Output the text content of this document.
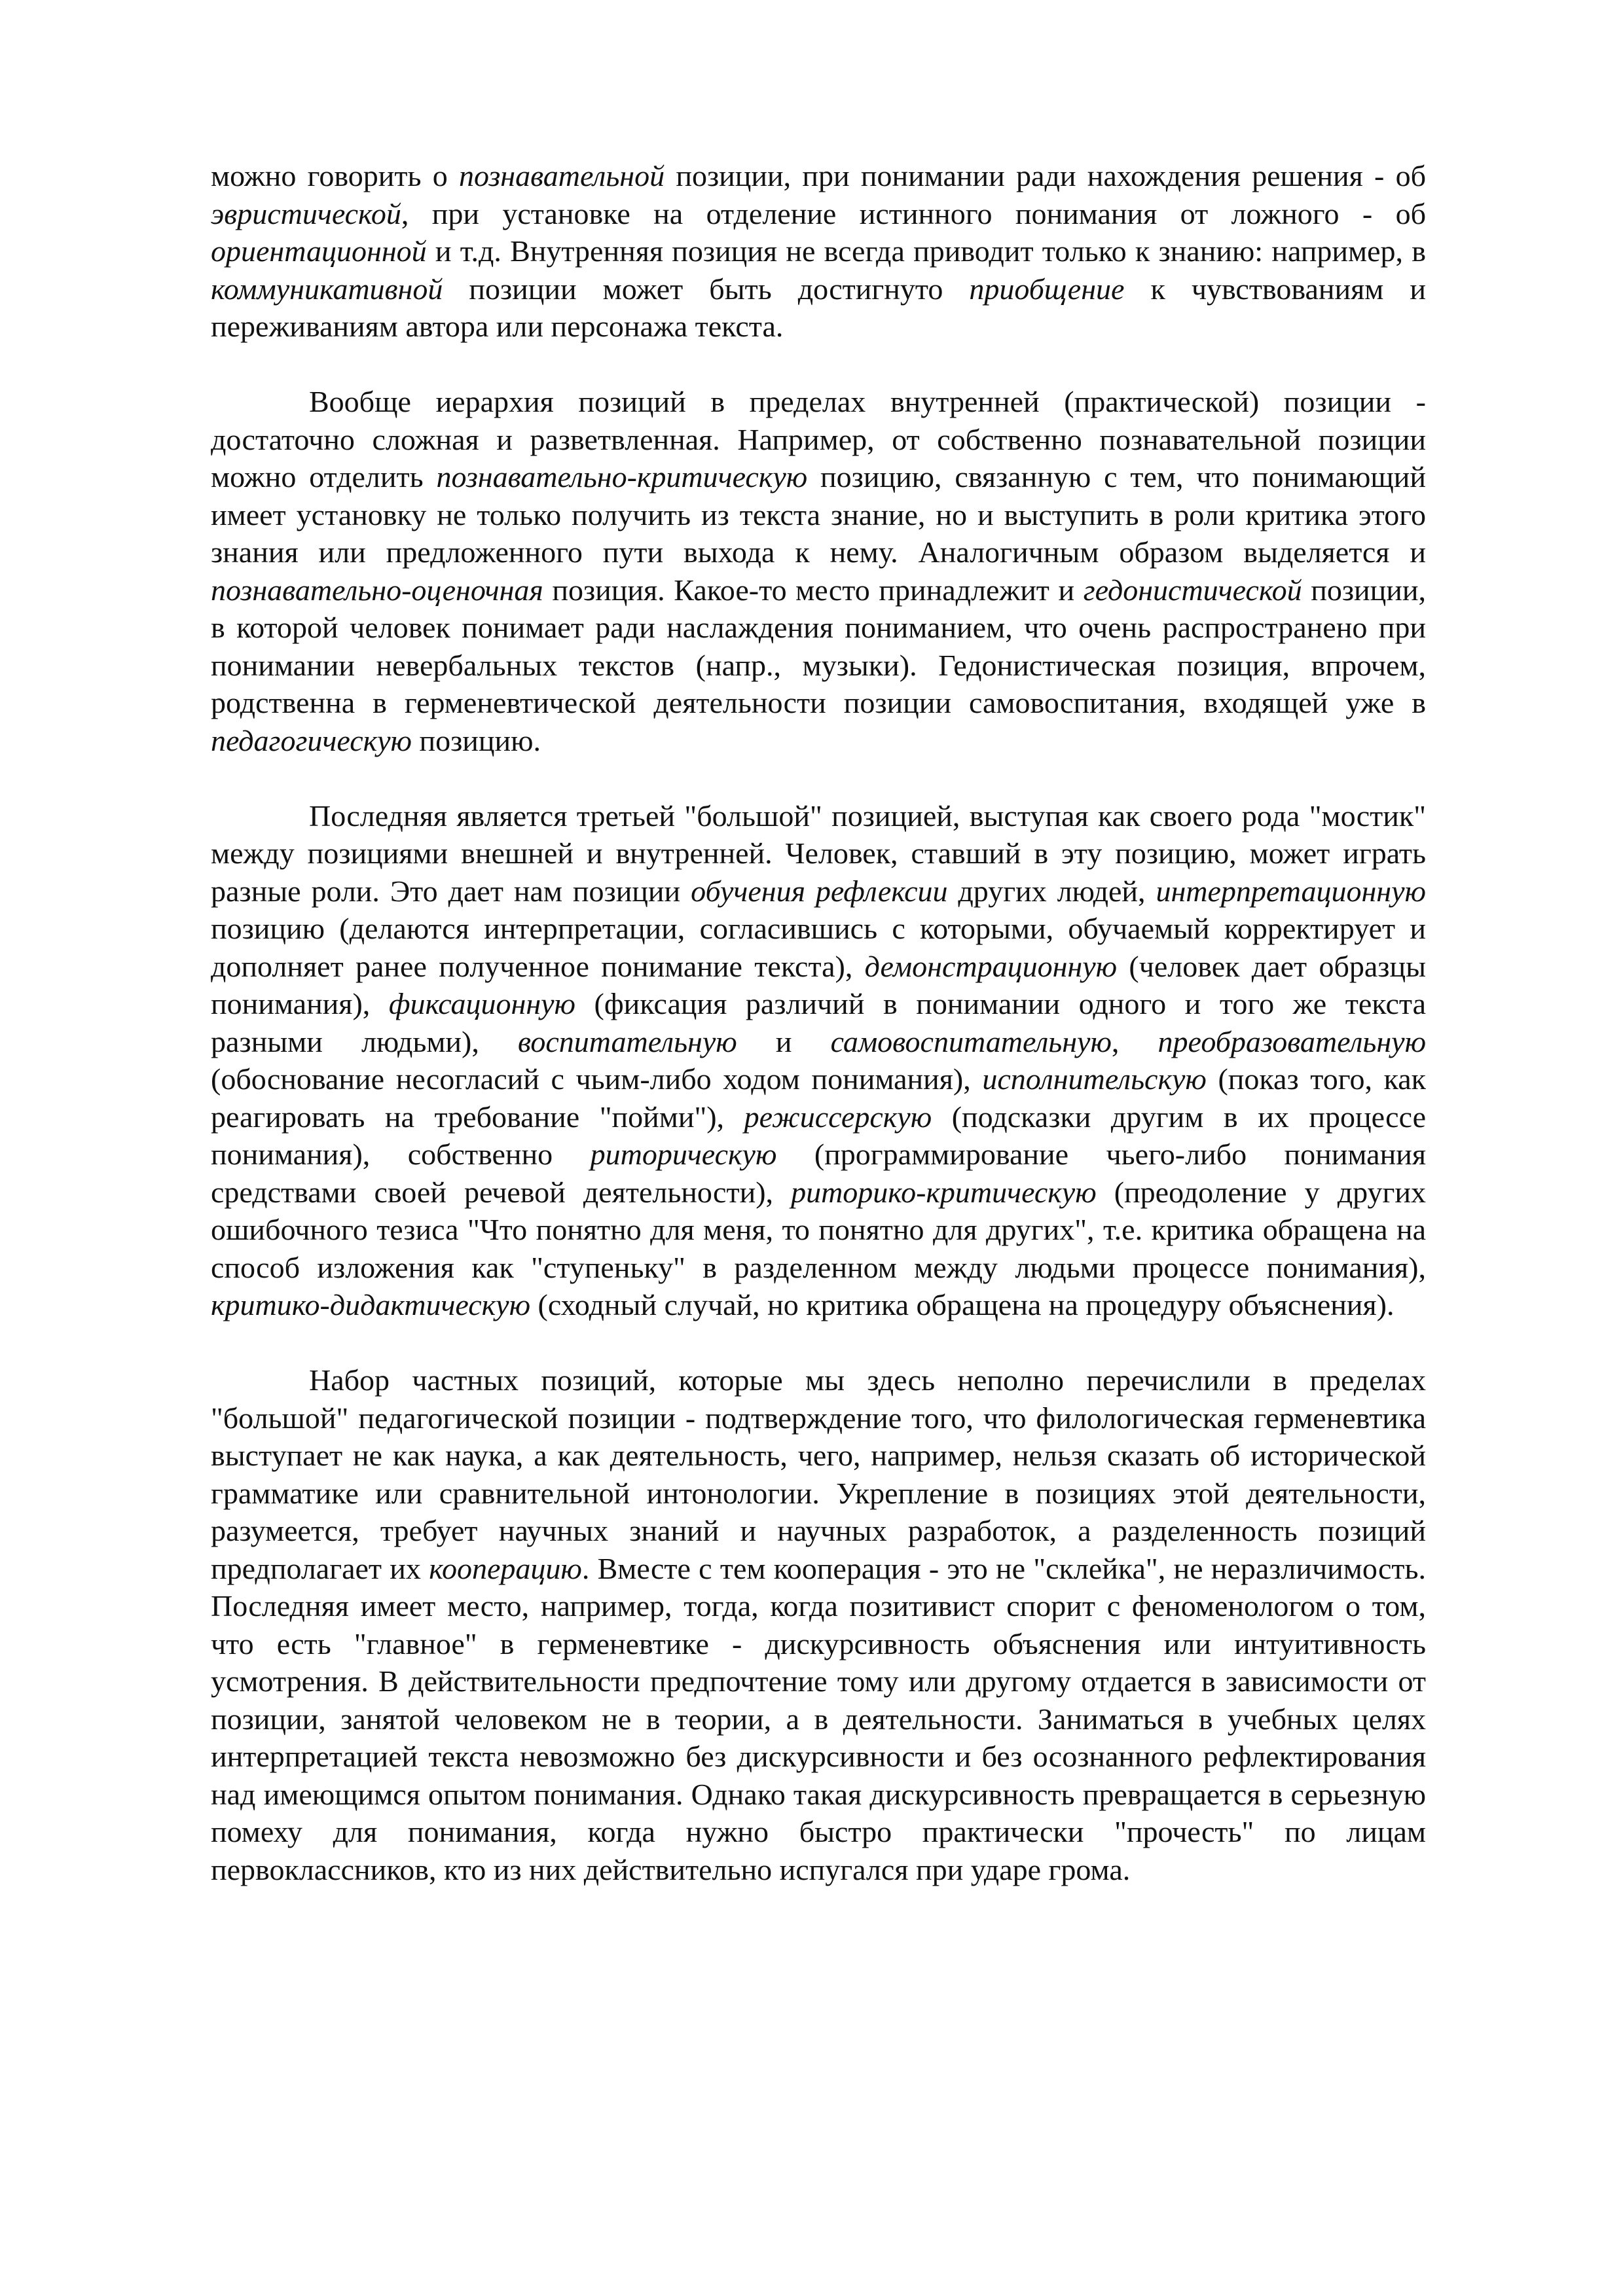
можно говорить о познавательной позиции, при понимании ради нахождения решения - об эвристической, при установке на отделение истинного понимания от ложного - об ориентационной и т.д. Внутренняя позиция не всегда приводит только к знанию: например, в коммуникативной позиции может быть достигнуто приобщение к чувствованиям и переживаниям автора или персонажа текста.

Вообще иерархия позиций в пределах внутренней (практической) позиции - достаточно сложная и разветвленная. Например, от собственно познавательной позиции можно отделить познавательно-критическую позицию, связанную с тем, что понимающий имеет установку не только получить из текста знание, но и выступить в роли критика этого знания или предложенного пути выхода к нему. Аналогичным образом выделяется и познавательно-оценочная позиция. Какое-то место принадлежит и гедонистической позиции, в которой человек понимает ради наслаждения пониманием, что очень распространено при понимании невербальных текстов (напр., музыки). Гедонистическая позиция, впрочем, родственна в герменевтической деятельности позиции самовоспитания, входящей уже в педагогическую позицию.

Последняя является третьей "большой" позицией, выступая как своего рода "мостик" между позициями внешней и внутренней. Человек, ставший в эту позицию, может играть разные роли. Это дает нам позиции обучения рефлексии других людей, интерпретационную позицию (делаются интерпретации, согласившись с которыми, обучаемый корректирует и дополняет ранее полученное понимание текста), демонстрационную (человек дает образцы понимания), фиксационную (фиксация различий в понимании одного и того же текста разными людьми), воспитательную и самовоспитательную, преобразовательную (обоснование несогласий с чьим-либо ходом понимания), исполнительскую (показ того, как реагировать на требование "пойми"), режиссерскую (подсказки другим в их процессе понимания), собственно риторическую (программирование чьего-либо понимания средствами своей речевой деятельности), риторико-критическую (преодоление у других ошибочного тезиса "Что понятно для меня, то понятно для других", т.е. критика обращена на способ изложения как "ступеньку" в разделенном между людьми процессе понимания), критико-дидактическую (сходный случай, но критика обращена на процедуру объяснения).

Набор частных позиций, которые мы здесь неполно перечислили в пределах "большой" педагогической позиции - подтверждение того, что филологическая герменевтика выступает не как наука, а как деятельность, чего, например, нельзя сказать об исторической грамматике или сравнительной интонологии. Укрепление в позициях этой деятельности, разумеется, требует научных знаний и научных разработок, а разделенность позиций предполагает их кооперацию. Вместе с тем кооперация - это не "склейка", не неразличимость. Последняя имеет место, например, тогда, когда позитивист спорит с феноменологом о том, что есть "главное" в герменевтике - дискурсивность объяснения или интуитивность усмотрения. В действительности предпочтение тому или другому отдается в зависимости от позиции, занятой человеком не в теории, а в деятельности. Заниматься в учебных целях интерпретацией текста невозможно без дискурсивности и без осознанного рефлектирования над имеющимся опытом понимания. Однако такая дискурсивность превращается в серьезную помеху для понимания, когда нужно быстро практически "прочесть" по лицам первоклассников, кто из них действительно испугался при ударе грома.
